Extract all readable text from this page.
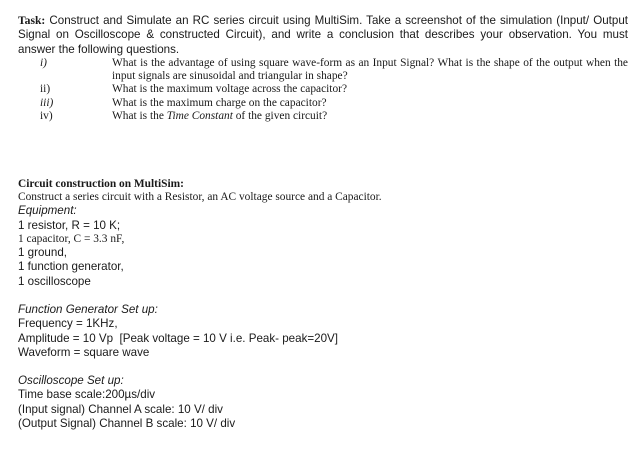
Task: Construct and Simulate an RC series circuit using MultiSim. Take a screenshot of the simulation (Input/ Output Signal on Oscilloscope & constructed Circuit), and write a conclusion that describes your observation. You must answer the following questions.
i)	What is the advantage of using square wave-form as an Input Signal? What is the shape of the output when the input signals are sinusoidal and triangular in shape?
ii)	What is the maximum voltage across the capacitor?
iii)	What is the maximum charge on the capacitor?
iv)	What is the Time Constant of the given circuit?
Circuit construction on MultiSim:
Construct a series circuit with a Resistor, an AC voltage source and a Capacitor.
Equipment:
1 resistor, R = 10 K;
1 capacitor, C = 3.3 nF,
1 ground,
1 function generator,
1 oscilloscope
Function Generator Set up:
Frequency = 1KHz,
Amplitude = 10 Vp  [Peak voltage = 10 V i.e. Peak- peak=20V]
Waveform = square wave
Oscilloscope Set up:
Time base scale:200µs/div
(Input signal) Channel A scale: 10 V/ div
(Output Signal) Channel B scale: 10 V/ div
